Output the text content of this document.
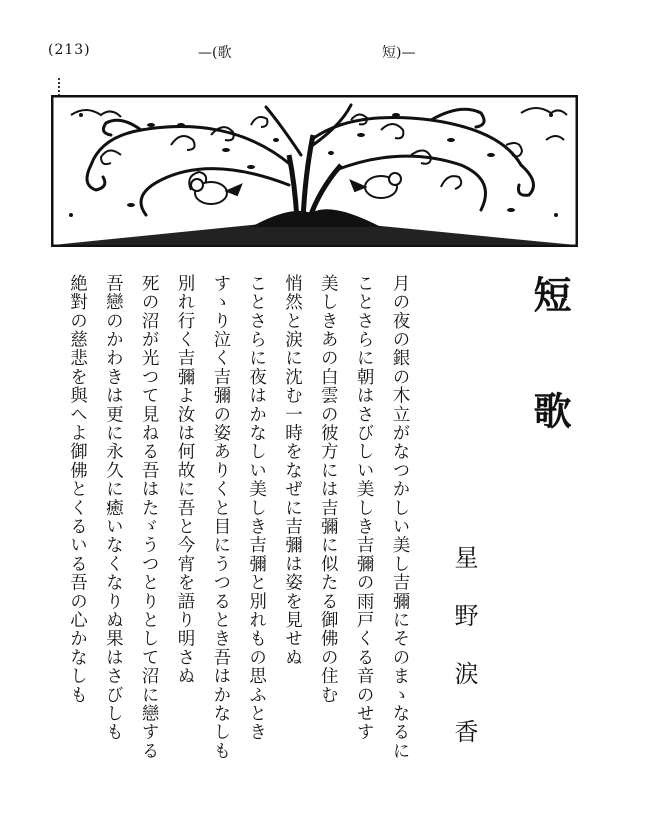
(213)	—(歌	短)—
短歌
星野涙香
月の夜の銀の木立がなつかしい美し吉彌にそのまゝなるに
ことさらに朝はさびしい美しき吉彌の雨戸くる音のせす
美しきあの白雲の彼方には吉彌に似たる御佛の住む
悄然と涙に沈む一時をなぜに吉彌は姿を見せぬ
ことさらに夜はかなしい美しき吉彌と別れもの思ふとき
すゝり泣く吉彌の姿ありくと目にうつるとき吾はかなしも
別れ行く吉彌よ汝は何故に吾と今宵を語り明さぬ
死の沼が光つて見ねる吾はたゞうつとりとして沼に戀する
吾戀のかわきは更に永久に癒いなくなりぬ果はさびしも
絶對の慈悲を與へよ御佛とくるいる吾の心かなしも
